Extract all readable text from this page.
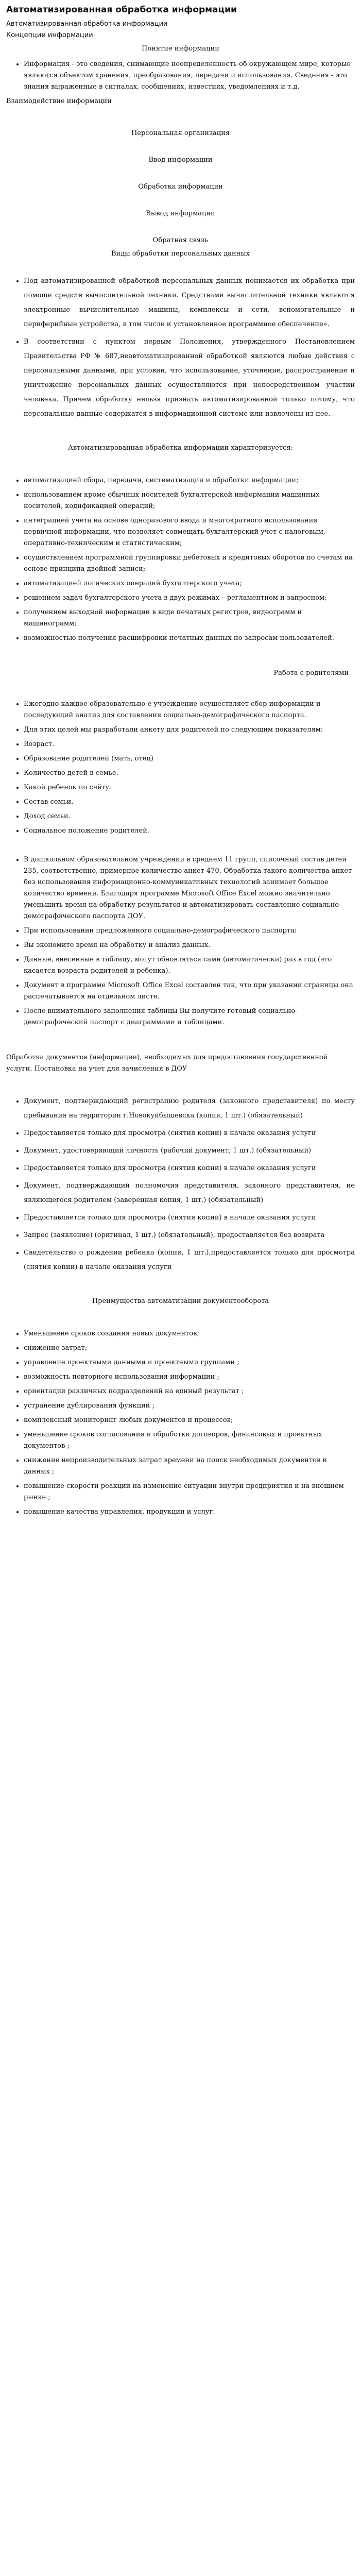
Автоматизированная обработка информации

Автоматизированная обработка информации

Концепции информации

Понятие информации

• Информация - это сведения, снимающие неопределенность об окружающем мире, которые являются объектом хранения, преобразования, передачи и использования. Сведения - это знания выраженные в сигналах, сообщениях, известиях, уведомлениях и т.д.

Взаимодействие информации

Персональная организация

Ввод информации

Обработка информации

Вывод информации

Обратная связь

Виды обработки персональных данных

• Под автоматизированной обработкой персональных данных понимается их обработка при помощи средств вычислительной техники. Средствами вычислительной техники являются электронные вычислительные машины, комплексы и сети, вспомогательные и периферийные устройства, в том числе и установленное программное обеспечение».
• В соответствии с пунктом первым Положения, утвержденного Постановлением Правительства РФ № 687,неавтоматизированной обработкой являются любые действия с персональными данными, при условии, что использование, уточнение, распространение и уничтожение персональных данных осуществляются при непосредственном участии человека. Причем обработку нельзя признать автоматизированной только потому, что персональные данные содержатся в информационной системе или извлечены из нее.

Автоматизированная обработка информации характеризуется:

• автоматизацией сбора, передачи, систематизации и обработки информации;
• использованием кроме обычных носителей бухгалтерской информации машинных носителей, кодификацией операций;
• интеграцией учета на основе одноразового ввода и многократного использования первичной информации, что позволяет совмещать бухгалтерский учет с налоговым, оперативно-техническим и статистическим;
• осуществлением программной группировки дебетовых и кредитовых оборотов по счетам на основе принципа двойной записи;
• автоматизацией логических операций бухгалтерского учета;
• решением задач бухгалтерского учета в двух режимах – регламентном и запросном;
• получением выходной информации в виде печатных регистров, видеограмм и машинограмм;
• возможностью получения расшифровки печатных данных по запросам пользователей.

Работа с родителями

• Ежегодно каждое образовательно е учреждение осуществляет сбор информации и последующий анализ для составления социально-демографического паспорта.
• Для этих целей мы разработали анкету для родителей по следующим показателям:
• Возраст.
• Образование родителей (мать, отец)
• Количество детей в семье.
• Какой ребенок по счёту.
• Состав семьи.
• Доход семьи.
• Социальное положение родителей.
• В дошкольном образовательном учреждении в среднем 11 групп, списочный состав детей 235, соответственно, примерное количество анкет 470. Обработка такого количества анкет без использования информационно-коммуникативных технологий занимает большое количество времени. Благодаря программе Microsoft Office Excel можно значительно уменьшить время на обработку результатов и автоматизировать составление социально-демографического паспорта ДОУ.
• При использовании предложенного социально-демографического паспорта:
• Вы экономите время на обработку и анализ данных.
• Данные, внесенные в таблицу, могут обновляться сами (автоматически) раз в год (это касается возраста родителей и ребенка).
• Документ в программе Microsoft Office Excel составлен так, что при указании страницы она распечатывается на отдельном листе.
• После внимательного заполнения таблицы Вы получите готовый социально-демографический паспорт с диаграммами и таблицами.

Обработка документов (информации), необходимых для предоставления государственной услуги. Постановка на учет для зачисления в ДОУ

• Документ, подтверждающий регистрацию родителя (законного представителя) по месту пребывания на территории г.Новокуйбышевска (копия, 1 шт.) (обязательный)
• Предоставляется только для просмотра (снятия копии) в начале оказания услуги
• Документ, удостоверяющий личность (рабочий документ, 1 шт.) (обязательный)
• Предоставляется только для просмотра (снятия копии) в начале оказания услуги
• Документ, подтверждающий полномочия представителя, законного представителя, не являющегося родителем (заверенная копия, 1 шт.) (обязательный)
• Предоставляется только для просмотра (снятия копии) в начале оказания услуги
• Запрос (заявление) (оригинал, 1 шт.) (обязательный), предоставляется без возврата
• Свидетельство о рождении ребенка (копия, 1 шт.),предоставляется только для просмотра (снятия копии) в начале оказания услуги

Преимущества автоматизации документооборота

• Уменьшение сроков создания новых документов;
• снижение затрат;
• управление проектными данными и проектными группами ;
• возможность повторного использования информации ;
• ориентация различных подразделений на единый результат ;
• устранение дублирования функций ;
• комплексный мониторинг любых документов и процессов;
• уменьшение сроков согласования и обработки договоров, финансовых и проектных документов ;
• снижение непроизводительных затрат времени на поиск необходимых документов и данных ;
• повышение скорости реакции на изменение ситуации внутри предприятия и на внешнем рынке ;
• повышение качества управления, продукции и услуг.
